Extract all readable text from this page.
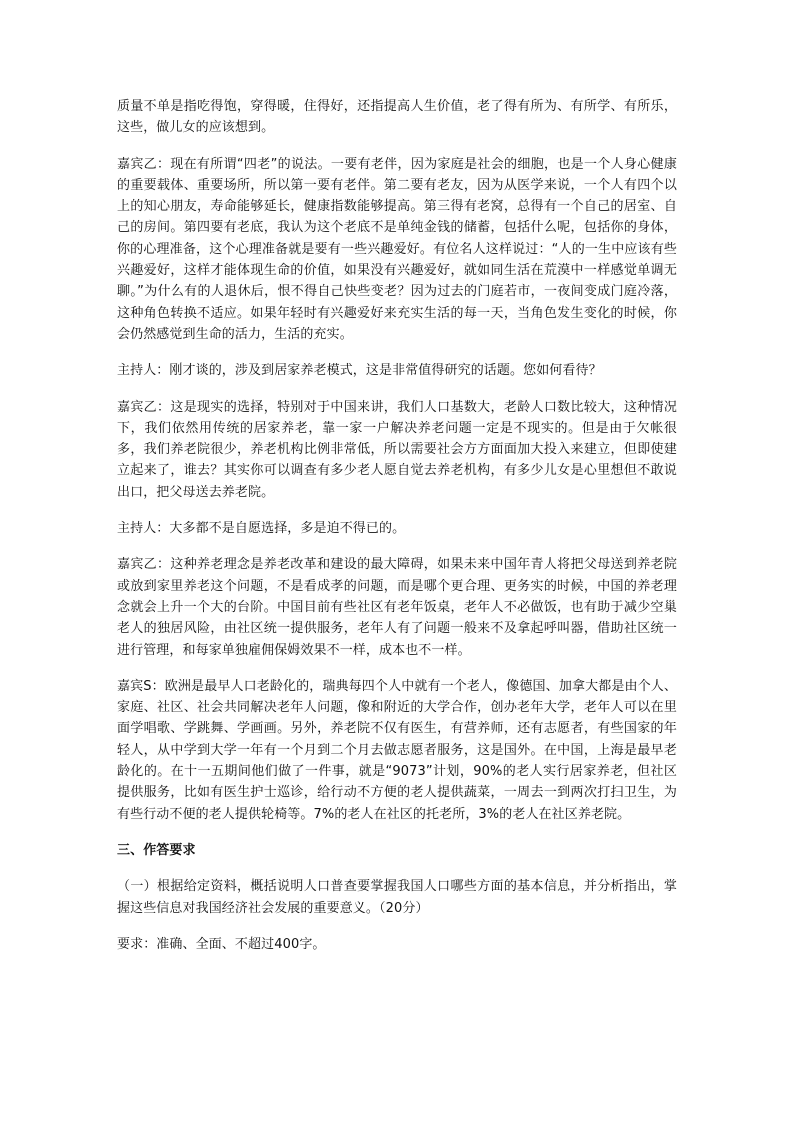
质量不单是指吃得饱，穿得暖，住得好，还指提高人生价值，老了得有所为、有所学、有所乐，这些，做儿女的应该想到。

嘉宾乙：现在有所谓“四老”的说法。一要有老伴，因为家庭是社会的细胞，也是一个人身心健康的重要载体、重要场所，所以第一要有老伴。第二要有老友，因为从医学来说，一个人有四个以上的知心朋友，寿命能够延长，健康指数能够提高。第三得有老窝，总得有一个自己的居室、自己的房间。第四要有老底，我认为这个老底不是单纯金钱的储蓄，包括什么呢，包括你的身体，你的心理准备，这个心理准备就是要有一些兴趣爱好。有位名人这样说过：“人的一生中应该有些兴趣爱好，这样才能体现生命的价值，如果没有兴趣爱好，就如同生活在荒漠中一样感觉单调无聊。”为什么有的人退休后，恨不得自己快些变老？因为过去的门庭若市，一夜间变成门庭冷落，这种角色转换不适应。如果年轻时有兴趣爱好来充实生活的每一天，当角色发生变化的时候，你会仍然感觉到生命的活力，生活的充实。

主持人：刚才谈的，涉及到居家养老模式，这是非常值得研究的话题。您如何看待？

嘉宾乙：这是现实的选择，特别对于中国来讲，我们人口基数大，老龄人口数比较大，这种情况下，我们依然用传统的居家养老，靠一家一户解决养老问题一定是不现实的。但是由于欠帐很多，我们养老院很少，养老机构比例非常低，所以需要社会方方面面加大投入来建立，但即使建立起来了，谁去？其实你可以调查有多少老人愿自觉去养老机构，有多少儿女是心里想但不敢说出口，把父母送去养老院。

主持人：大多都不是自愿选择，多是迫不得已的。

嘉宾乙：这种养老理念是养老改革和建设的最大障碍，如果未来中国年青人将把父母送到养老院或放到家里养老这个问题，不是看成孝的问题，而是哪个更合理、更务实的时候，中国的养老理念就会上升一个大的台阶。中国目前有些社区有老年饭桌，老年人不必做饭，也有助于减少空巢老人的独居风险，由社区统一提供服务，老年人有了问题一般来不及拿起呼叫器，借助社区统一进行管理，和每家单独雇佣保姆效果不一样，成本也不一样。

嘉宾S：欧洲是最早人口老龄化的，瑞典每四个人中就有一个老人，像德国、加拿大都是由个人、家庭、社区、社会共同解决老年人问题，像和附近的大学合作，创办老年大学，老年人可以在里面学唱歌、学跳舞、学画画。另外，养老院不仅有医生，有营养师，还有志愿者，有些国家的年轻人，从中学到大学一年有一个月到二个月去做志愿者服务，这是国外。在中国，上海是最早老龄化的。在十一五期间他们做了一件事，就是“9073”计划，90%的老人实行居家养老，但社区提供服务，比如有医生护士巡诊，给行动不方便的老人提供蔬菜，一周去一到两次打扫卫生，为有些行动不便的老人提供轮椅等。7%的老人在社区的托老所，3%的老人在社区养老院。

三、作答要求

（一）根据给定资料，概括说明人口普查要掌握我国人口哪些方面的基本信息，并分析指出，掌握这些信息对我国经济社会发展的重要意义。（20分）

要求：准确、全面、不超过400字。
